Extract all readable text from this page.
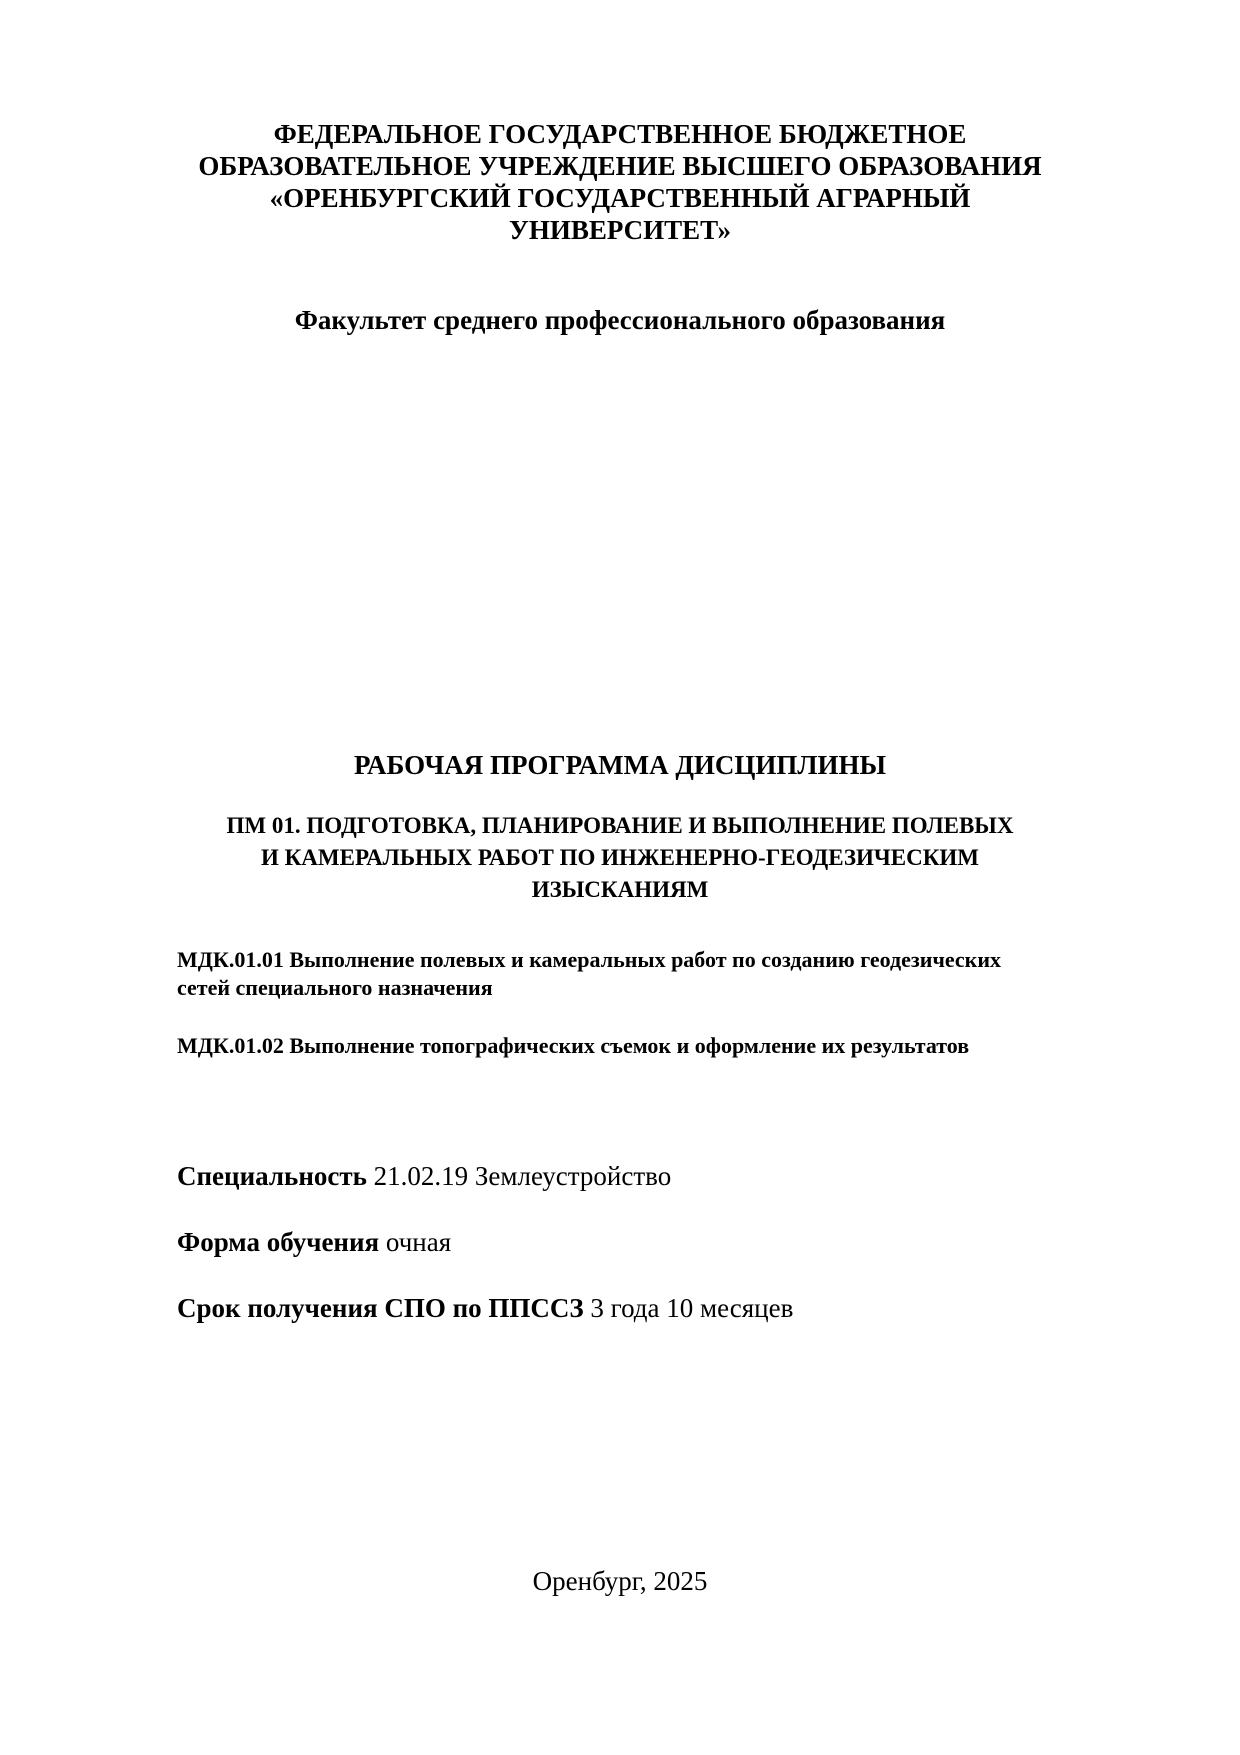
ФЕДЕРАЛЬНОЕ ГОСУДАРСТВЕННОЕ БЮДЖЕТНОЕ
ОБРАЗОВАТЕЛЬНОЕ УЧРЕЖДЕНИЕ ВЫСШЕГО ОБРАЗОВАНИЯ
«ОРЕНБУРГСКИЙ ГОСУДАРСТВЕННЫЙ АГРАРНЫЙ
УНИВЕРСИТЕТ»
Факультет среднего профессионального образования
РАБОЧАЯ ПРОГРАММА ДИСЦИПЛИНЫ
ПМ 01. ПОДГОТОВКА, ПЛАНИРОВАНИЕ И ВЫПОЛНЕНИЕ ПОЛЕВЫХ
И КАМЕРАЛЬНЫХ РАБОТ ПО ИНЖЕНЕРНО-ГЕОДЕЗИЧЕСКИМ
ИЗЫСКАНИЯМ
МДК.01.01 Выполнение полевых и камеральных работ по созданию геодезических
сетей специального назначения
МДК.01.02 Выполнение топографических съемок и оформление их результатов
Специальность 21.02.19 Землеустройство
Форма обучения очная
Срок получения СПО по ППССЗ 3 года 10 месяцев
Оренбург, 2025
